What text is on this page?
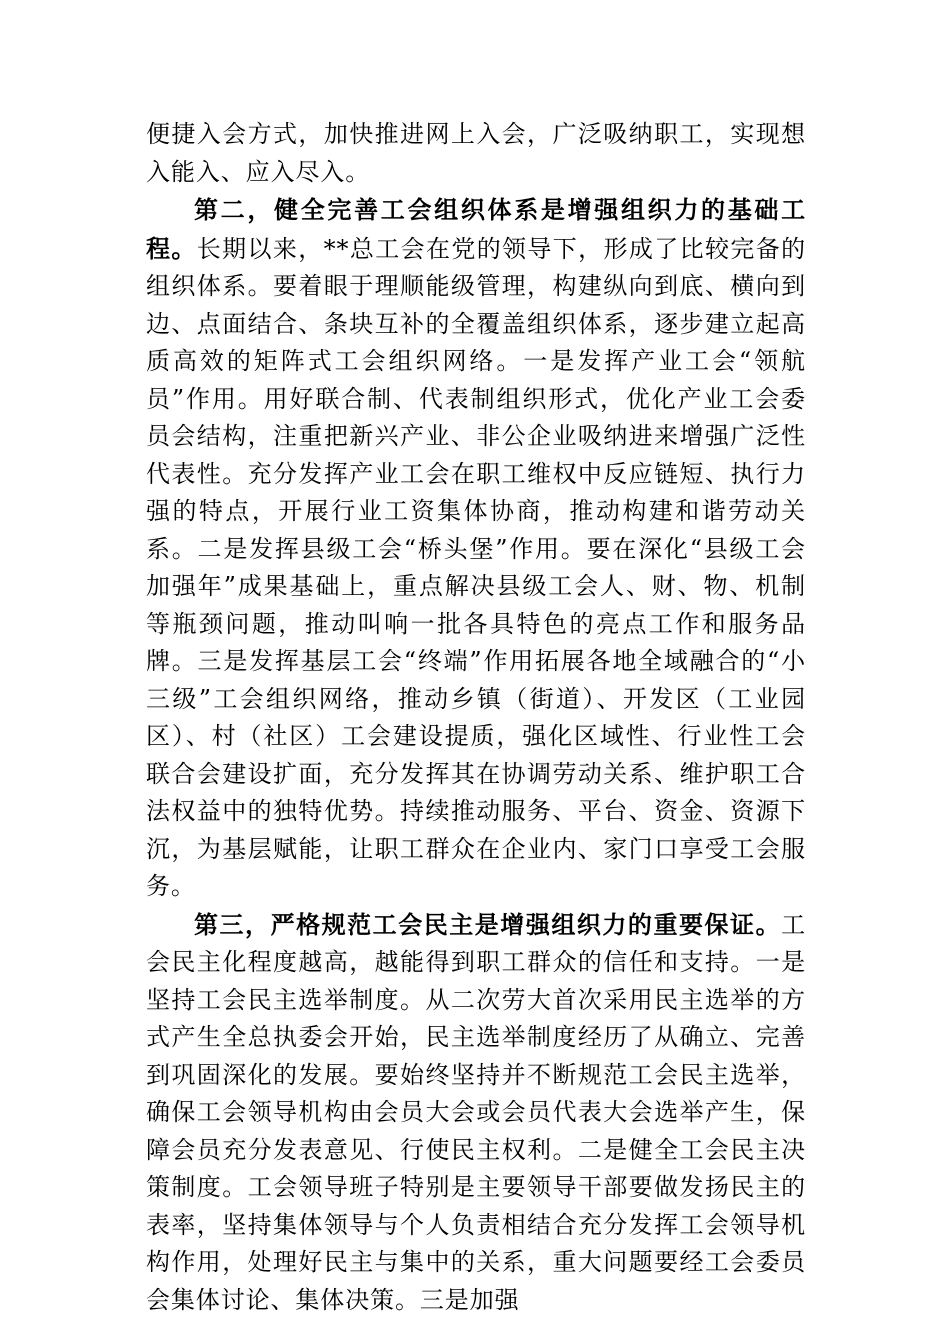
便捷入会方式，加快推进网上入会，广泛吸纳职工，实现想入能入、应入尽入。

第二，健全完善工会组织体系是增强组织力的基础工程。长期以来，**总工会在党的领导下，形成了比较完备的组织体系。要着眼于理顺能级管理，构建纵向到底、横向到边、点面结合、条块互补的全覆盖组织体系，逐步建立起高质高效的矩阵式工会组织网络。一是发挥产业工会“领航员”作用。用好联合制、代表制组织形式，优化产业工会委员会结构，注重把新兴产业、非公企业吸纳进来增强广泛性代表性。充分发挥产业工会在职工维权中反应链短、执行力强的特点，开展行业工资集体协商，推动构建和谐劳动关系。二是发挥县级工会“桥头堡”作用。要在深化“县级工会加强年”成果基础上，重点解决县级工会人、财、物、机制等瓶颈问题，推动叫响一批各具特色的亮点工作和服务品牌。三是发挥基层工会“终端”作用拓展各地全域融合的“小三级”工会组织网络，推动乡镇（街道）、开发区（工业园区）、村（社区）工会建设提质，强化区域性、行业性工会联合会建设扩面，充分发挥其在协调劳动关系、维护职工合法权益中的独特优势。持续推动服务、平台、资金、资源下沉，为基层赋能，让职工群众在企业内、家门口享受工会服务。

第三，严格规范工会民主是增强组织力的重要保证。工会民主化程度越高，越能得到职工群众的信任和支持。一是坚持工会民主选举制度。从二次劳大首次采用民主选举的方式产生全总执委会开始，民主选举制度经历了从确立、完善到巩固深化的发展。要始终坚持并不断规范工会民主选举，确保工会领导机构由会员大会或会员代表大会选举产生，保障会员充分发表意见、行使民主权利。二是健全工会民主决策制度。工会领导班子特别是主要领导干部要做发扬民主的表率，坚持集体领导与个人负责相结合充分发挥工会领导机构作用，处理好民主与集中的关系，重大问题要经工会委员会集体讨论、集体决策。三是加强
